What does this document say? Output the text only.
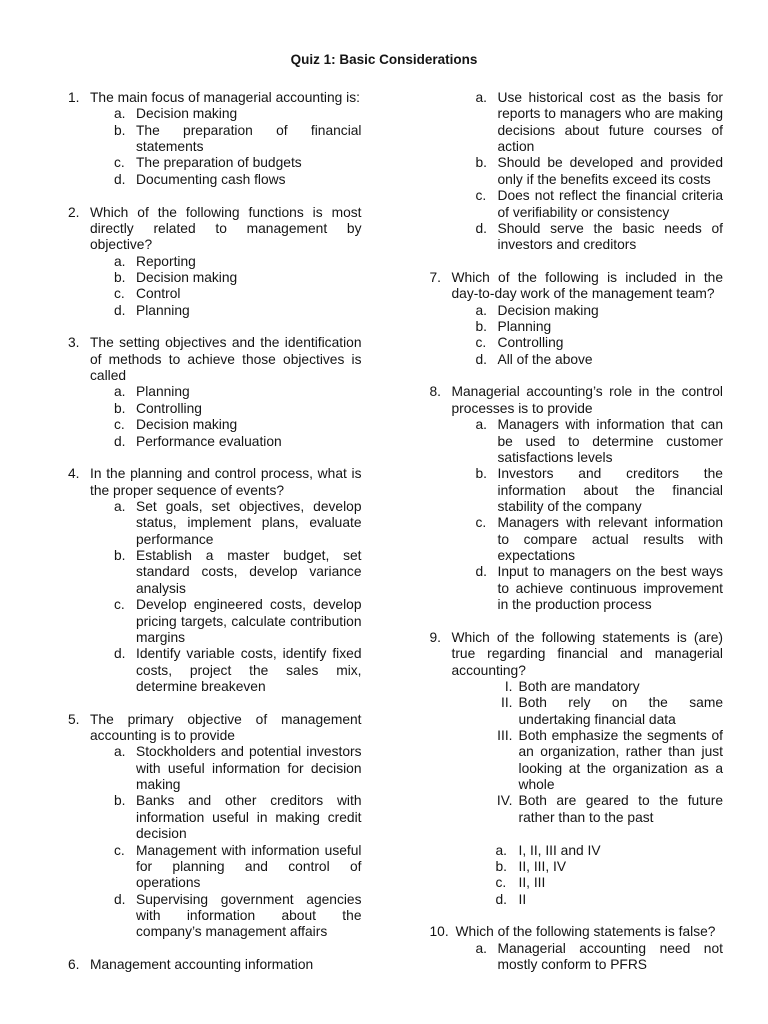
Quiz 1: Basic Considerations
1. The main focus of managerial accounting is:
a. Decision making
b. The preparation of financial
statements
c. The preparation of budgets
d. Documenting cash flows
2. Which of the following functions is most
directly related to management by
objective?
a. Reporting
b. Decision making
c. Control
d. Planning
3. The setting objectives and the identification
of methods to achieve those objectives is
called
a. Planning
b. Controlling
c. Decision making
d. Performance evaluation
4. In the planning and control process, what is
the proper sequence of events?
a. Set goals, set objectives, develop
status, implement plans, evaluate
performance
b. Establish a master budget, set
standard costs, develop variance
analysis
c. Develop engineered costs, develop
pricing targets, calculate contribution
margins
d. Identify variable costs, identify fixed
costs, project the sales mix,
determine breakeven
5. The primary objective of management
accounting is to provide
a. Stockholders and potential investors
with useful information for decision
making
b. Banks and other creditors with
information useful in making credit
decision
c. Management with information useful
for planning and control of
operations
d. Supervising government agencies
with information about the
company’s management affairs
6. Management accounting information
a. Use historical cost as the basis for
reports to managers who are making
decisions about future courses of
action
b. Should be developed and provided
only if the benefits exceed its costs
c. Does not reflect the financial criteria
of verifiability or consistency
d. Should serve the basic needs of
investors and creditors
7. Which of the following is included in the
day-to-day work of the management team?
a. Decision making
b. Planning
c. Controlling
d. All of the above
8. Managerial accounting’s role in the control
processes is to provide
a. Managers with information that can
be used to determine customer
satisfactions levels
b. Investors and creditors the
information about the financial
stability of the company
c. Managers with relevant information
to compare actual results with
expectations
d. Input to managers on the best ways
to achieve continuous improvement
in the production process
9. Which of the following statements is (are)
true regarding financial and managerial
accounting?
I. Both are mandatory
II. Both rely on the same
undertaking financial data
III. Both emphasize the segments of
an organization, rather than just
looking at the organization as a
whole
IV. Both are geared to the future
rather than to the past
a. I, II, III and IV
b. II, III, IV
c. II, III
d. II
10. Which of the following statements is false?
a. Managerial accounting need not
mostly conform to PFRS
